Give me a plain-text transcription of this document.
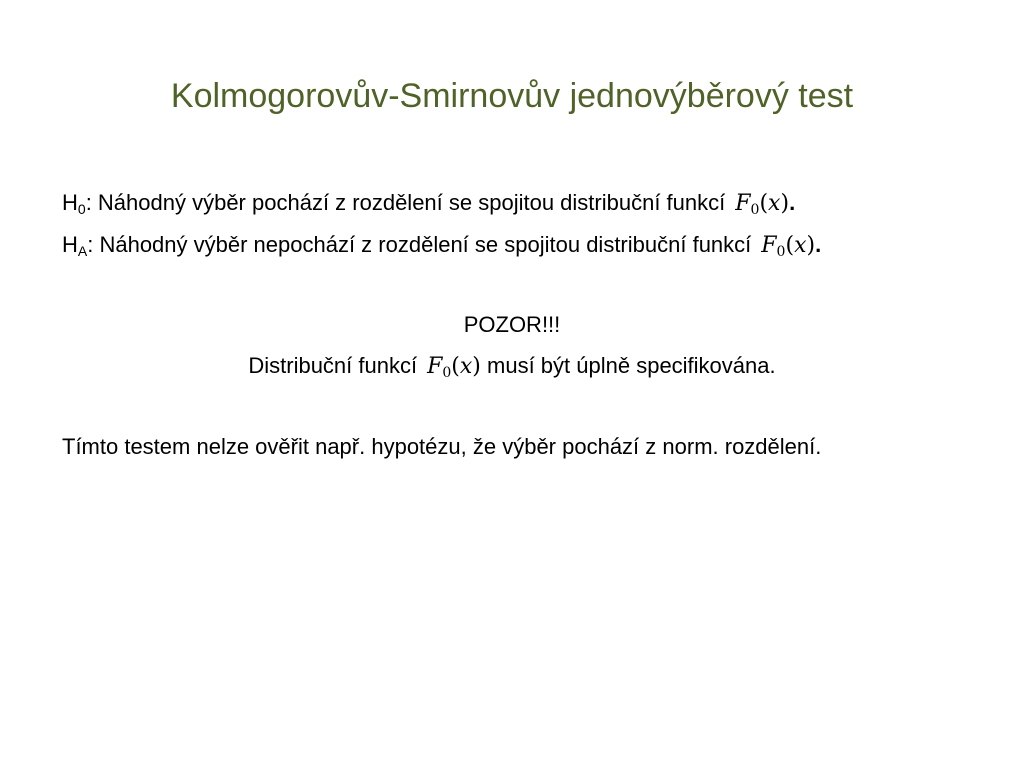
Kolmogorovův-Smirnovův jednovýběrový test
$H_0$: Náhodný výběr pochází z rozdělení se spojitou distribuční funkcí $F_0(x)$.
$H_A$: Náhodný výběr nepochází z rozdělení se spojitou distribuční funkcí $F_0(x)$.
POZOR!!!
Distribuční funkcí $F_0(x)$ musí být úplně specifikována.
Tímto testem nelze ověřit např. hypotézu, že výběr pochází z norm. rozdělení.
